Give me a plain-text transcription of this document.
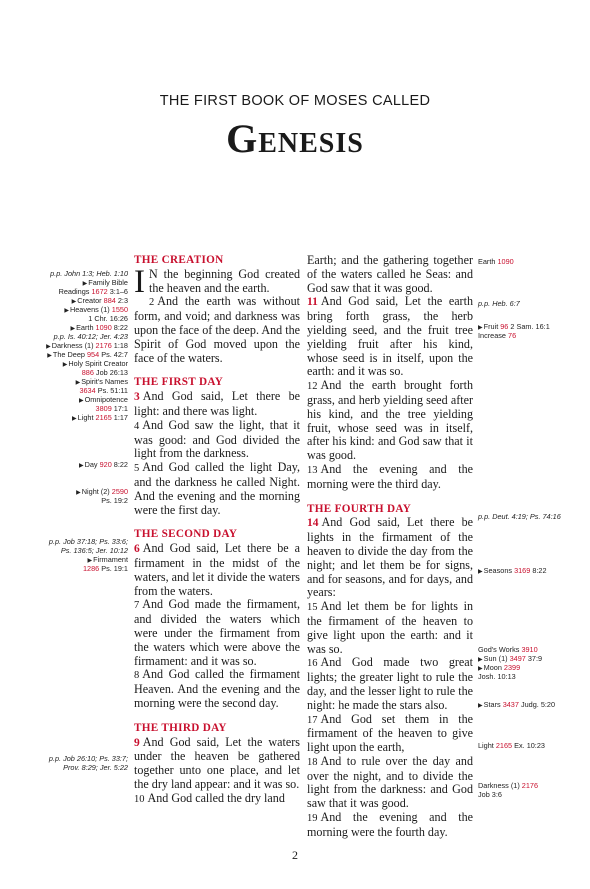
THE FIRST BOOK OF MOSES CALLED
Genesis
p.p. John 1:3; Heb. 1:10
▶Family Bible
Readings 1672 3:1–6
▶Creator 884 2:3
▶Heavens (1) 1550
1 Chr. 16:26
▶Earth 1090 8:22
p.p. Is. 40:12; Jer. 4:23
▶Darkness (1) 2176 1:18
▶The Deep 954 Ps. 42:7
▶Holy Spirit Creator
886 Job 26:13
▶Spirit's Names
3634 Ps. 51:11
▶Omnipotence
3809 17:1
▶Light 2165 1:17
▶Day 920 8:22
▶Night (2) 2590
Ps. 19:2
p.p. Job 37:18; Ps. 33:6;
Ps. 136:5; Jer. 10:12
▶Firmament
1286 Ps. 19:1
p.p. Job 26:10; Ps. 33:7;
Prov. 8:29; Jer. 5:22
Earth 1090
p.p. Heb. 6:7
▶Fruit 96 2 Sam. 16:1
Increase 76
p.p. Deut. 4:19; Ps. 74:16
▶Seasons 3169 8:22
God's Works 3910
▶Sun (1) 3497 37:9
▶Moon 2399
Josh. 10:13
▶Stars 3437 Judg. 5:20
Light 2165 Ex. 10:23
Darkness (1) 2176
Job 3:6

THE CREATION

I N the beginning God created the heaven and the earth.

2 And the earth was without form, and void; and darkness was upon the face of the deep. And the Spirit of God moved upon the face of the waters.

THE FIRST DAY

3 And God said, Let there be light: and there was light.

4 And God saw the light, that it was good: and God divided the light from the darkness.

5 And God called the light Day, and the darkness he called Night. And the evening and the morning were the first day.

THE SECOND DAY

6 And God said, Let there be a firmament in the midst of the waters, and let it divide the waters from the waters.

7 And God made the firmament, and divided the waters which were under the firmament from the waters which were above the firmament: and it was so.

8 And God called the firmament Heaven. And the evening and the morning were the second day.

THE THIRD DAY

9 And God said, Let the waters under the heaven be gathered together unto one place, and let the dry land appear: and it was so.

10 And God called the dry land

Earth; and the gathering together of the waters called he Seas: and God saw that it was good.

11 And God said, Let the earth bring forth grass, the herb yielding seed, and the fruit tree yielding fruit after his kind, whose seed is in itself, upon the earth: and it was so.

12 And the earth brought forth grass, and herb yielding seed after his kind, and the tree yielding fruit, whose seed was in itself, after his kind: and God saw that it was good.

13 And the evening and the morning were the third day.

THE FOURTH DAY

14 And God said, Let there be lights in the firmament of the heaven to divide the day from the night; and let them be for signs, and for seasons, and for days, and years:

15 And let them be for lights in the firmament of the heaven to give light upon the earth: and it was so.

16 And God made two great lights; the greater light to rule the day, and the lesser light to rule the night: he made the stars also.

17 And God set them in the firmament of the heaven to give light upon the earth,

18 And to rule over the day and over the night, and to divide the light from the darkness: and God saw that it was good.

19 And the evening and the morning were the fourth day.

2
